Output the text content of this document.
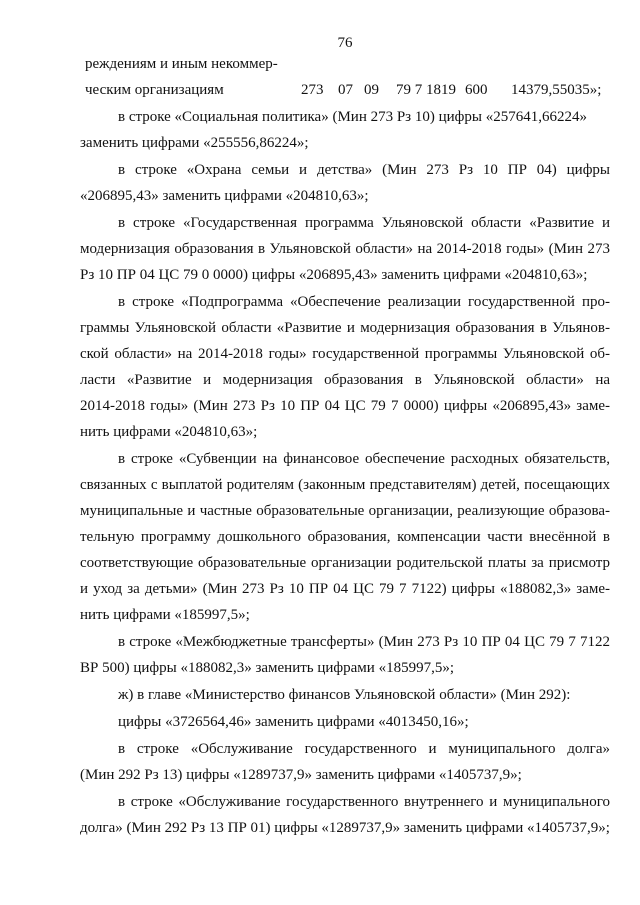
76

реждениям и иным некоммер-

ческим организациям	273 07 09 79 7 1819 600 14379,55035»;

в строке «Социальная политика» (Мин 273 Рз 10) цифры «257641,66224»

заменить цифрами «255556,86224»;

в строке «Охрана семьи и детства» (Мин 273 Рз 10 ПР 04) цифры

«206895,43» заменить цифрами «204810,63»;

в строке «Государственная программа Ульяновской области «Развитие и

модернизация образования в Ульяновской области» на 2014-2018 годы» (Мин 273

Рз 10 ПР 04 ЦС 79 0 0000) цифры «206895,43» заменить цифрами «204810,63»;

в строке «Подпрограмма «Обеспечение реализации государственной про-

граммы Ульяновской области «Развитие и модернизация образования в Ульянов-

ской области» на 2014-2018 годы» государственной программы Ульяновской об-

ласти «Развитие и модернизация образования в Ульяновской области» на

2014-2018 годы» (Мин 273 Рз 10 ПР 04 ЦС 79 7 0000) цифры «206895,43» заме-

нить цифрами «204810,63»;

в строке «Субвенции на финансовое обеспечение расходных обязательств,

связанных с выплатой родителям (законным представителям) детей, посещающих

муниципальные и частные образовательные организации, реализующие образова-

тельную программу дошкольного образования, компенсации части внесённой в

соответствующие образовательные организации родительской платы за присмотр

и уход за детьми» (Мин 273 Рз 10 ПР 04 ЦС 79 7 7122) цифры «188082,3» заме-

нить цифрами «185997,5»;

в строке «Межбюджетные трансферты» (Мин 273 Рз 10 ПР 04 ЦС 79 7 7122

ВР 500) цифры «188082,3» заменить цифрами «185997,5»;

ж) в главе «Министерство финансов Ульяновской области» (Мин 292):

цифры «3726564,46» заменить цифрами «4013450,16»;

в строке «Обслуживание государственного и муниципального долга»

(Мин 292 Рз 13) цифры «1289737,9» заменить цифрами «1405737,9»;

в строке «Обслуживание государственного внутреннего и муниципального

долга» (Мин 292 Рз 13 ПР 01) цифры «1289737,9» заменить цифрами «1405737,9»;
